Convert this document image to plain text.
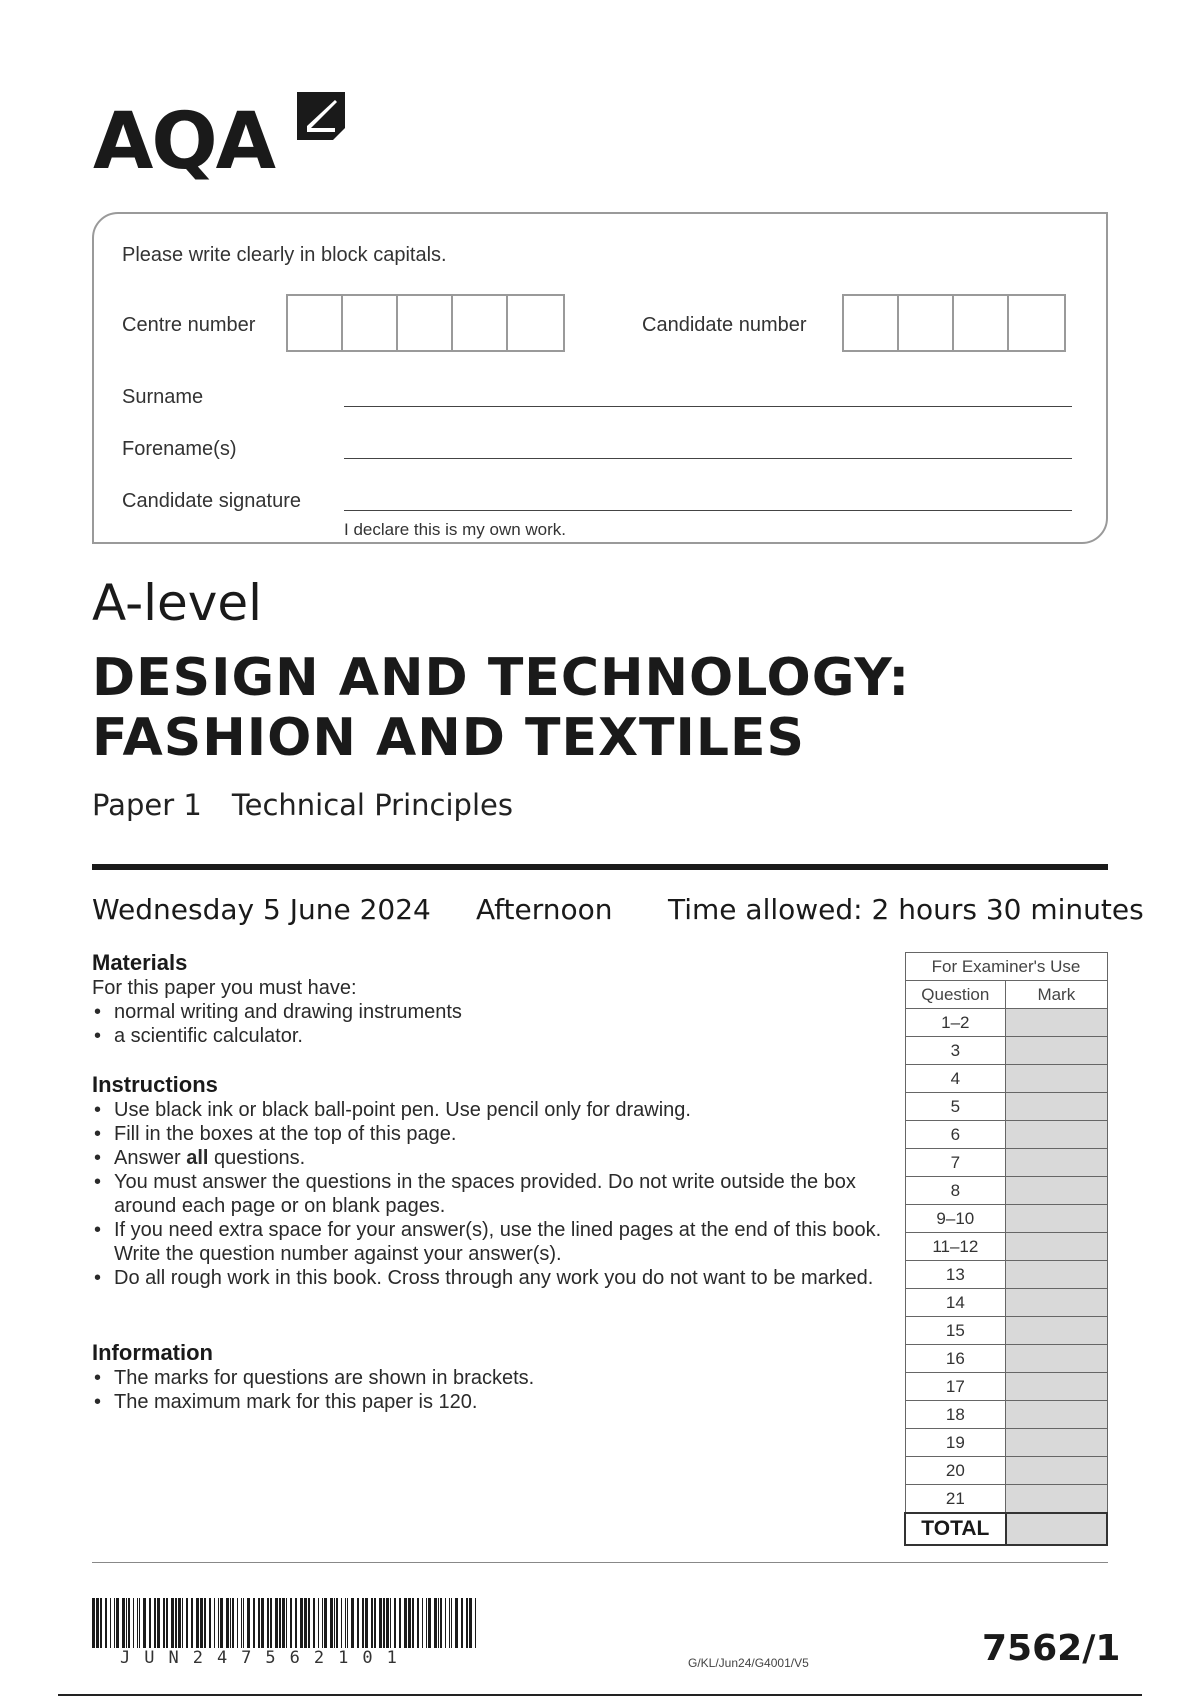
AQA
Please write clearly in block capitals.
Centre number	Candidate number
Surname
Forename(s)
Candidate signature
I declare this is my own work.
A-level
DESIGN AND TECHNOLOGY:
FASHION AND TEXTILES
Paper 1 Technical Principles
Wednesday 5 June 2024 Afternoon Time allowed: 2 hours 30 minutes
Materials
For this paper you must have:
• normal writing and drawing instruments
• a scientific calculator.
Instructions
• Use black ink or black ball-point pen. Use pencil only for drawing.
• Fill in the boxes at the top of this page.
• Answer all questions.
• You must answer the questions in the spaces provided. Do not write outside the box around each page or on blank pages.
• If you need extra space for your answer(s), use the lined pages at the end of this book. Write the question number against your answer(s).
• Do all rough work in this book. Cross through any work you do not want to be marked.
Information
• The marks for questions are shown in brackets.
• The maximum mark for this paper is 120.
For Examiner's Use	
Question	Mark
1–2	
3	
4	
5	
6	
7	
8	
9–10	
11–12	
13	
14	
15	
16	
17	
18	
19	
20	
21	
TOTAL	
JUN247562101	G/KL/Jun24/G4001/V5	7562/1
